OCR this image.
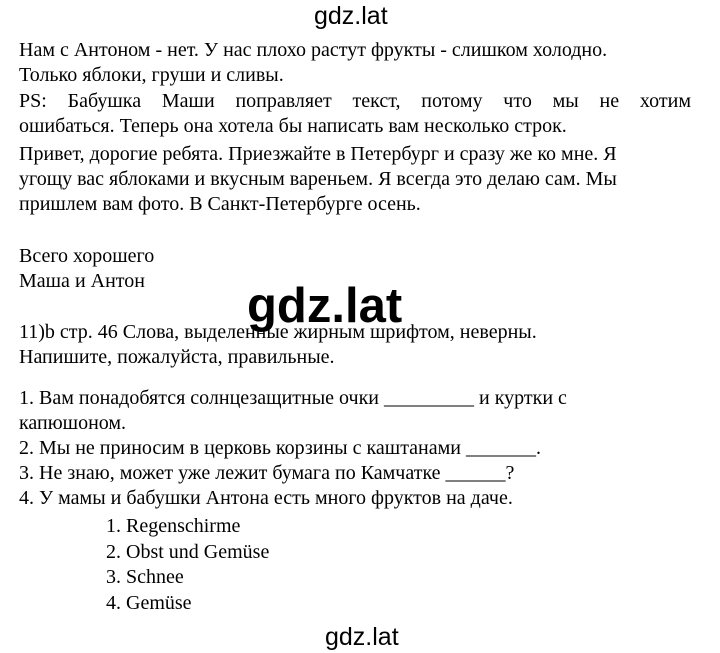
gdz.lat
Нам с Антоном - нет. У нас плохо растут фрукты - слишком холодно.
Только яблоки, груши и сливы.
PS: Бабушка Маши поправляет текст, потому что мы не хотим
ошибаться. Теперь она хотела бы написать вам несколько строк.
Привет, дорогие ребята. Приезжайте в Петербург и сразу же ко мне. Я
угощу вас яблоками и вкусным вареньем. Я всегда это делаю сам. Мы
пришлем вам фото. В Санкт-Петербурге осень.
Всего хорошего
Маша и Антон	gdz.lat
11)b стр. 46 Слова, выделенные жирным шрифтом, неверны.
Напишите, пожалуйста, правильные.
1. Вам понадобятся солнцезащитные очки _________ и куртки с
капюшоном.
2. Мы не приносим в церковь корзины с каштанами _______.
3. Не знаю, может уже лежит бумага по Камчатке ______?
4. У мамы и бабушки Антона есть много фруктов на даче.
1. Regenschirme
2. Obst und Gemüse
3. Schnee
4. Gemüse
gdz.lat
